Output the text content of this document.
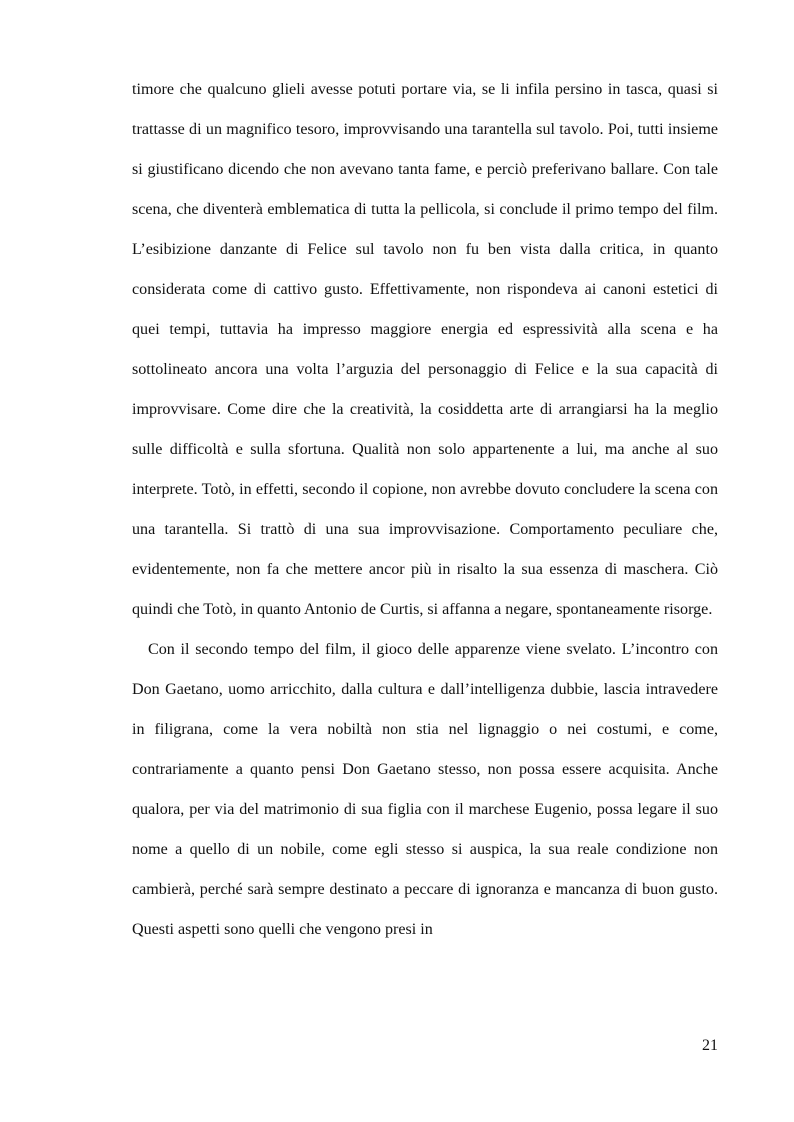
timore che qualcuno glieli avesse potuti portare via, se li infila persino in tasca, quasi si trattasse di un magnifico tesoro, improvvisando una tarantella sul tavolo. Poi, tutti insieme si giustificano dicendo che non avevano tanta fame, e perciò preferivano ballare. Con tale scena, che diventerà emblematica di tutta la pellicola, si conclude il primo tempo del film. L’esibizione danzante di Felice sul tavolo non fu ben vista dalla critica, in quanto considerata come di cattivo gusto. Effettivamente, non rispondeva ai canoni estetici di quei tempi, tuttavia ha impresso maggiore energia ed espressività alla scena e ha sottolineato ancora una volta l’arguzia del personaggio di Felice e la sua capacità di improvvisare. Come dire che la creatività, la cosiddetta arte di arrangiarsi ha la meglio sulle difficoltà e sulla sfortuna. Qualità non solo appartenente a lui, ma anche al suo interprete. Totò, in effetti, secondo il copione, non avrebbe dovuto concludere la scena con una tarantella. Si trattò di una sua improvvisazione. Comportamento peculiare che, evidentemente, non fa che mettere ancor più in risalto la sua essenza di maschera. Ciò quindi che Totò, in quanto Antonio de Curtis, si affanna a negare, spontaneamente risorge.

Con il secondo tempo del film, il gioco delle apparenze viene svelato. L’incontro con Don Gaetano, uomo arricchito, dalla cultura e dall’intelligenza dubbie, lascia intravedere in filigrana, come la vera nobiltà non stia nel lignaggio o nei costumi, e come, contrariamente a quanto pensi Don Gaetano stesso, non possa essere acquisita. Anche qualora, per via del matrimonio di sua figlia con il marchese Eugenio, possa legare il suo nome a quello di un nobile, come egli stesso si auspica, la sua reale condizione non cambierà, perché sarà sempre destinato a peccare di ignoranza e mancanza di buon gusto. Questi aspetti sono quelli che vengono presi in

21
